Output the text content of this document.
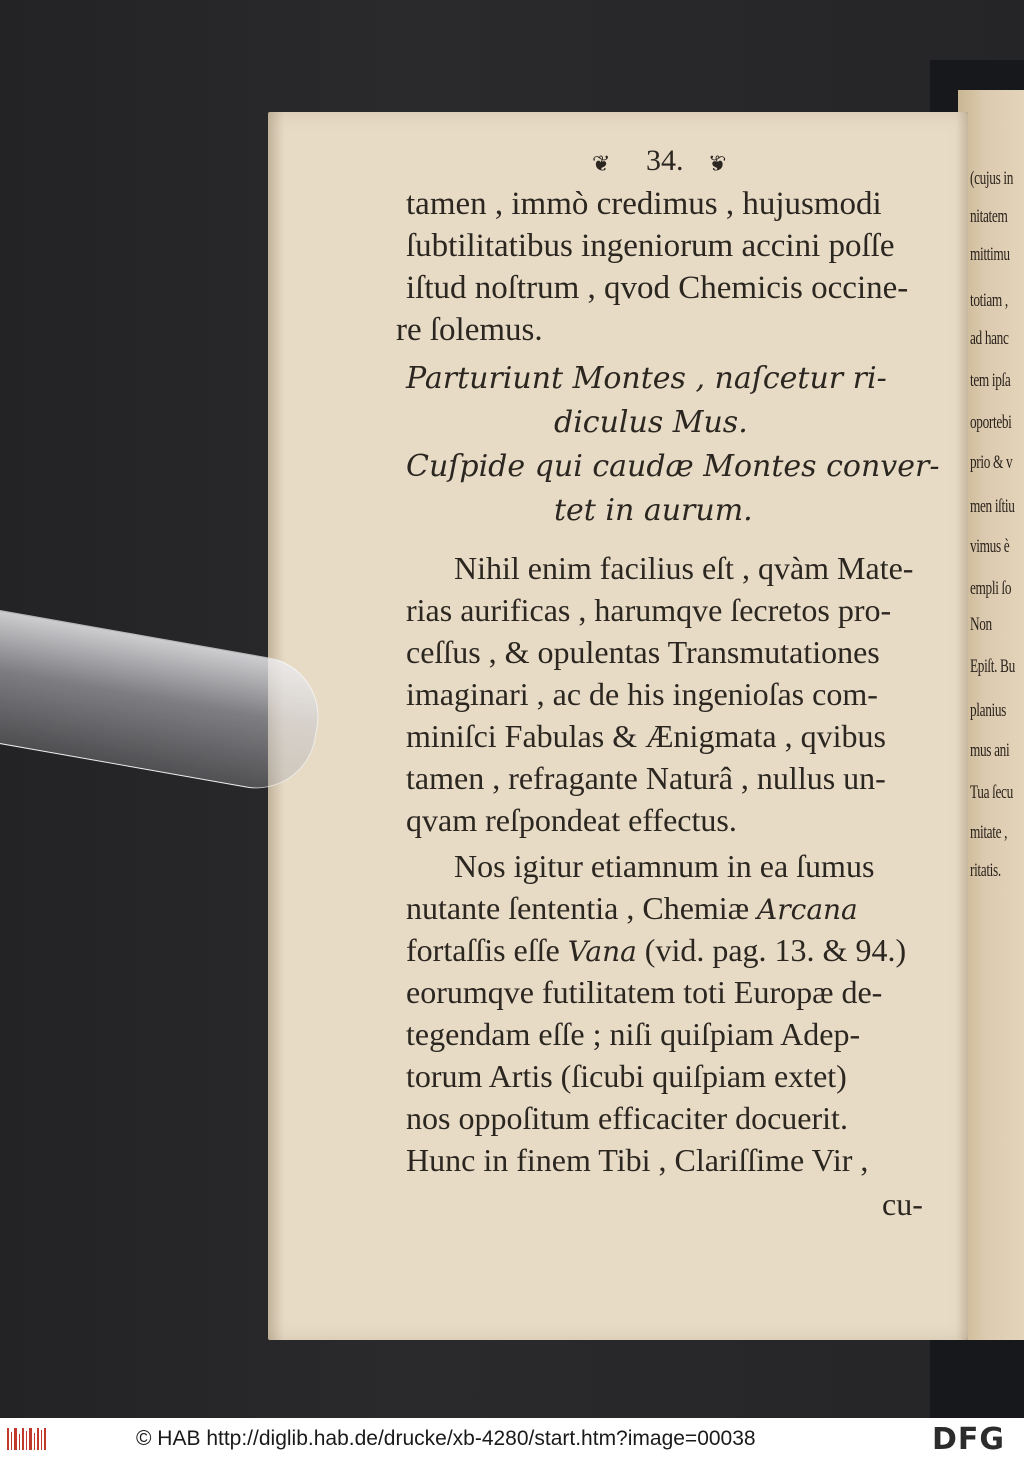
(cujus in
nitatem
mittimu
totiam ,
ad hanc
tem ipſa
oportebi
prio & v
men iſtiu
vimus è
empli ſo
Non
Epiſt. Bu
planius
mus ani
Tua ſecu
mitate ,
ritatis.
❦ 34. ❦
tamen , immò credimus , hujusmodi
ſubtilitatibus ingeniorum accini poſſe
iſtud noſtrum , qvod Chemicis occine-
re ſolemus.
Parturiunt Montes , naſcetur ri-
diculus Mus.
Cuſpide qui caudæ Montes conver-
tet in aurum.
Nihil enim facilius eſt , qvàm Mate-
rias aurificas , harumqve ſecretos pro-
ceſſus , & opulentas Transmutationes
imaginari , ac de his ingenioſas com-
miniſci Fabulas & Ænigmata , qvibus
tamen , refragante Naturâ , nullus un-
qvam reſpondeat effectus.
Nos igitur etiamnum in ea ſumus
nutante ſententia , Chemiæ Arcana
fortaſſis eſſe Vana (vid. pag. 13. & 94.)
eorumqve futilitatem toti Europæ de-
tegendam eſſe ; niſi quiſpiam Adep-
torum Artis (ſicubi quiſpiam extet)
nos oppoſitum efficaciter docuerit.
Hunc in finem Tibi , Clariſſime Vir ,
cu-
© HAB http://diglib.hab.de/drucke/xb-4280/start.htm?image=00038	DFG
